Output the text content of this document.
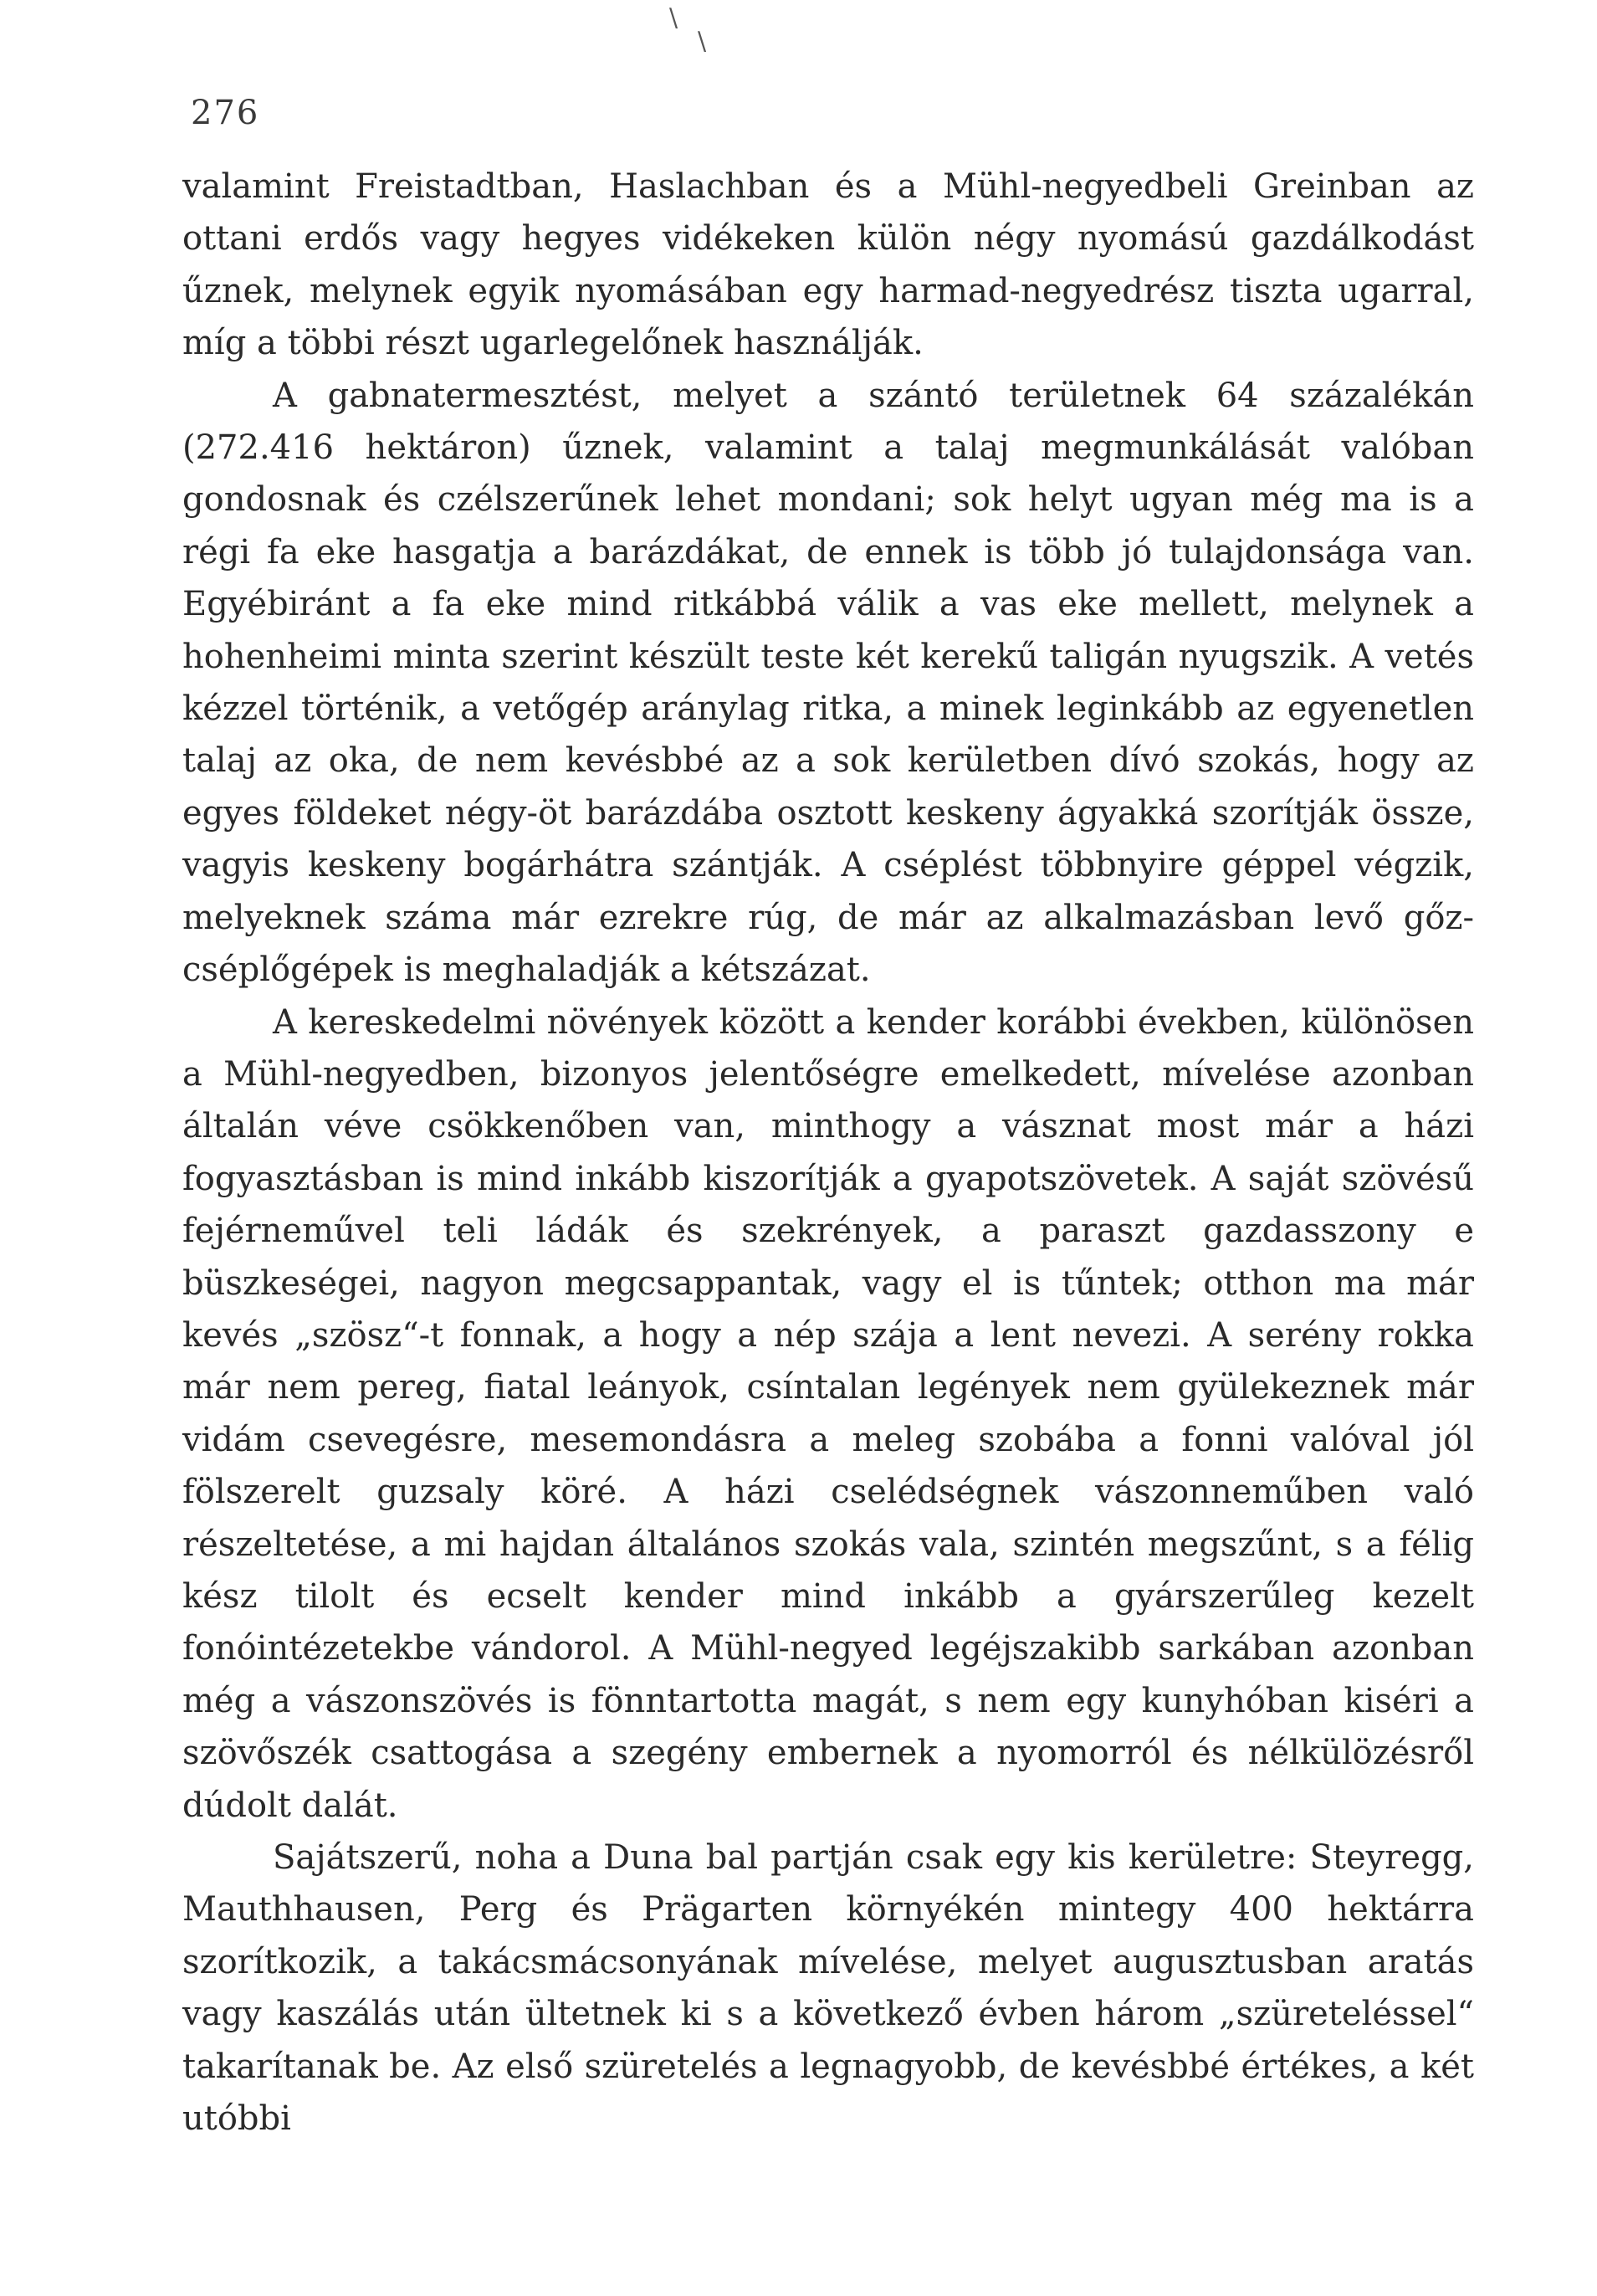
\
\
276

valamint Freistadtban, Haslachban és a Mühl-negyedbeli Greinban az ottani erdős vagy hegyes vidékeken külön négy nyomású gazdálkodást űznek, melynek egyik nyomásában egy harmad-negyedrész tiszta ugarral, míg a többi részt ugarlegelőnek használják.

A gabnatermesztést, melyet a szántó területnek 64 százalékán (272.416 hektáron) űznek, valamint a talaj megmunkálását valóban gondosnak és czélszerűnek lehet mondani; sok helyt ugyan még ma is a régi fa eke hasgatja a barázdákat, de ennek is több jó tulajdonsága van. Egyébiránt a fa eke mind ritkábbá válik a vas eke mellett, melynek a hohenheimi minta szerint készült teste két kerekű taligán nyugszik. A vetés kézzel történik, a vetőgép aránylag ritka, a minek leginkább az egyenetlen talaj az oka, de nem kevésbbé az a sok kerületben dívó szokás, hogy az egyes földeket négy-öt barázdába osztott keskeny ágyakká szorítják össze, vagyis keskeny bogárhátra szántják. A cséplést többnyire géppel végzik, melyeknek száma már ezrekre rúg, de már az alkalmazásban levő gőz-cséplőgépek is meghaladják a kétszázat.

A kereskedelmi növények között a kender korábbi években, különösen a Mühl-negyedben, bizonyos jelentőségre emelkedett, mívelése azonban általán véve csökkenőben van, minthogy a vásznat most már a házi fogyasztásban is mind inkább kiszorítják a gyapotszövetek. A saját szövésű fejérneművel teli ládák és szekrények, a paraszt gazdasszony e büszkeségei, nagyon megcsappantak, vagy el is tűntek; otthon ma már kevés „szösz“-t fonnak, a hogy a nép szája a lent nevezi. A serény rokka már nem pereg, fiatal leányok, csíntalan legények nem gyülekeznek már vidám csevegésre, mesemondásra a meleg szobába a fonni valóval jól fölszerelt guzsaly köré. A házi cselédségnek vászonneműben való részeltetése, a mi hajdan általános szokás vala, szintén megszűnt, s a félig kész tilolt és ecselt kender mind inkább a gyárszerűleg kezelt fonóintézetekbe vándorol. A Mühl-negyed legéjszakibb sarkában azonban még a vászonszövés is fönntartotta magát, s nem egy kunyhóban kiséri a szövőszék csattogása a szegény embernek a nyomorról és nélkülözésről dúdolt dalát.

Sajátszerű, noha a Duna bal partján csak egy kis kerületre: Steyregg, Mauthhausen, Perg és Prägarten környékén mintegy 400 hektárra szorítkozik, a takácsmácsonyának mívelése, melyet augusztusban aratás vagy kaszálás után ültetnek ki s a következő évben három „szüreteléssel“ takarítanak be. Az első szüretelés a legnagyobb, de kevésbbé értékes, a két utóbbi
